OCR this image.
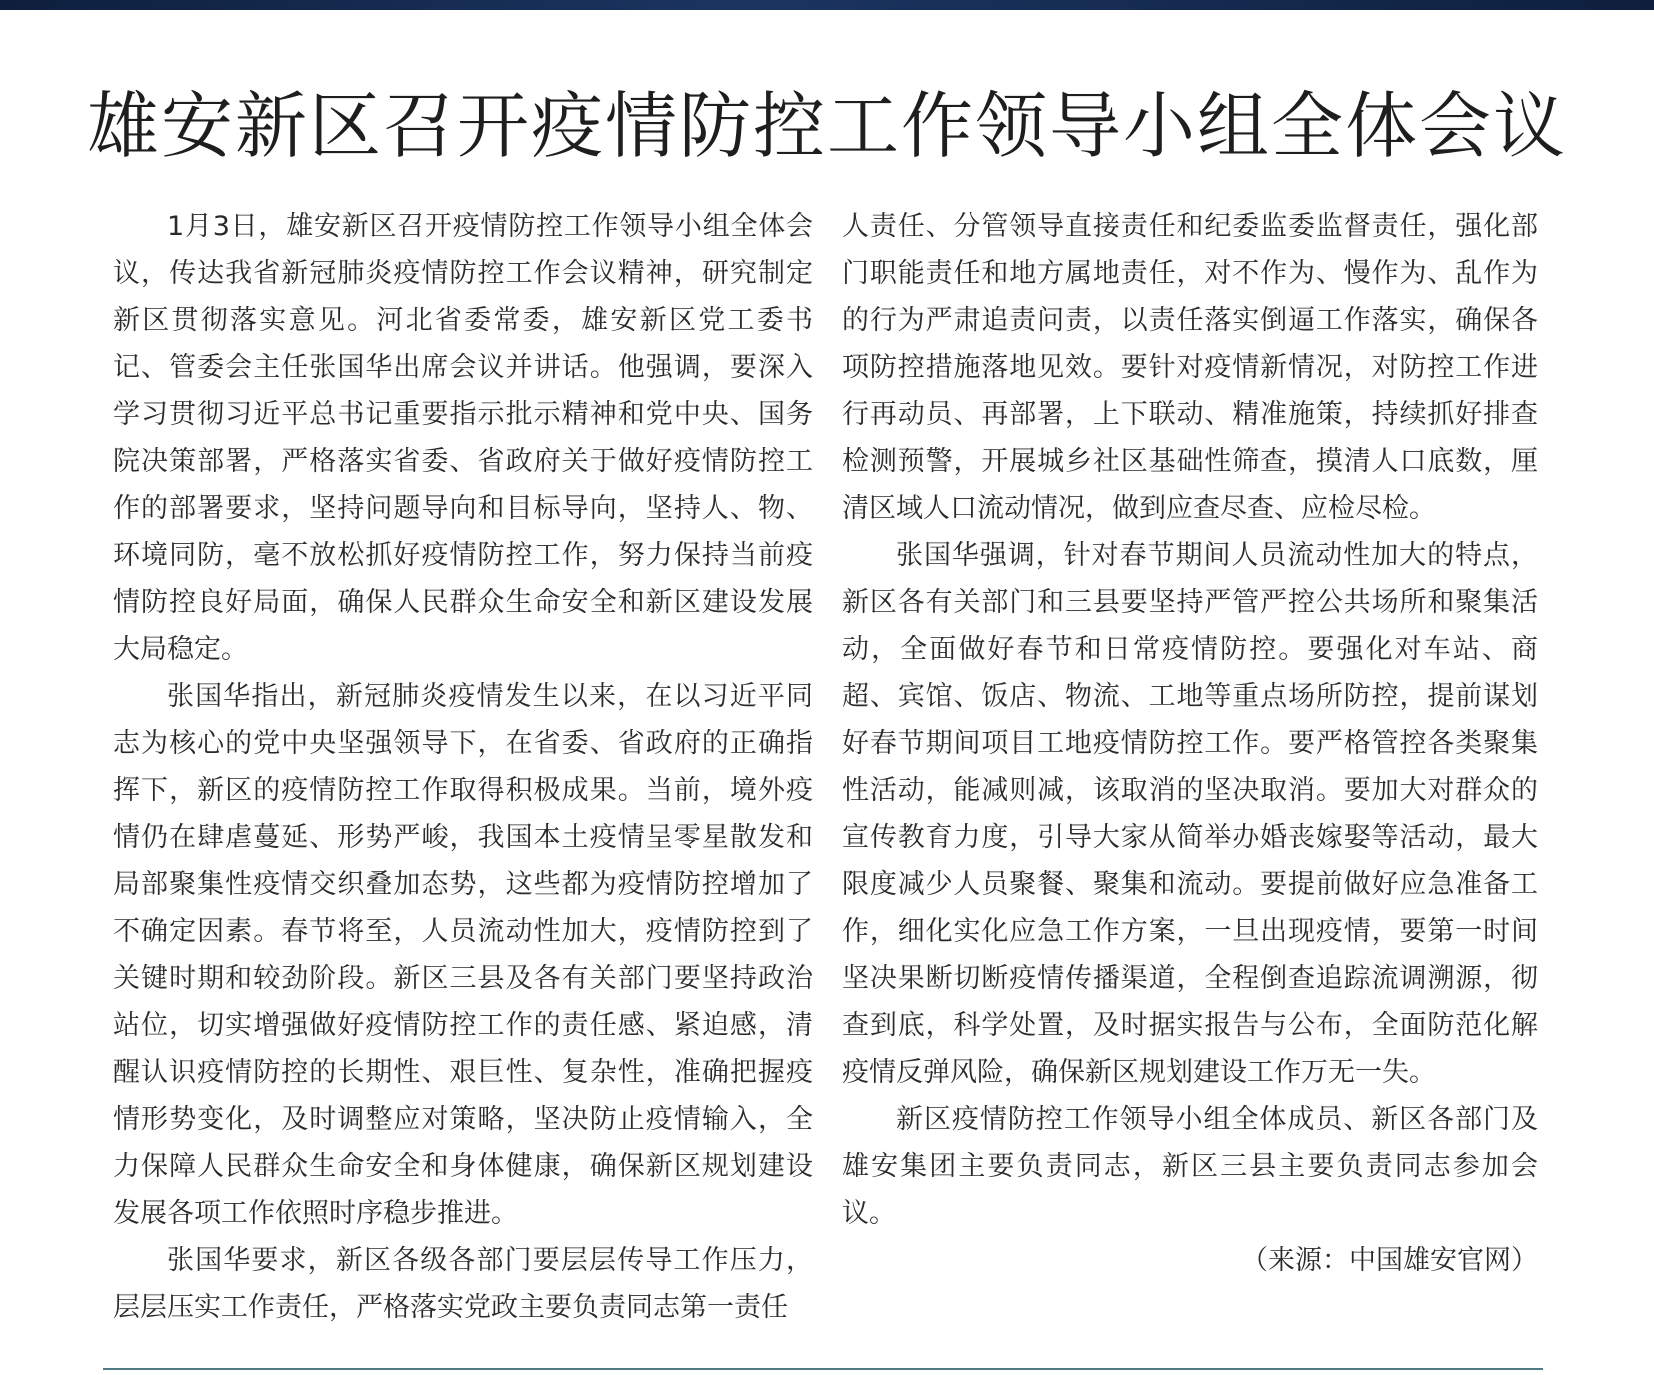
雄安新区召开疫情防控工作领导小组全体会议

1月3日，雄安新区召开疫情防控工作领导小组全体会议，传达我省新冠肺炎疫情防控工作会议精神，研究制定新区贯彻落实意见。河北省委常委，雄安新区党工委书记、管委会主任张国华出席会议并讲话。他强调，要深入学习贯彻习近平总书记重要指示批示精神和党中央、国务院决策部署，严格落实省委、省政府关于做好疫情防控工作的部署要求，坚持问题导向和目标导向，坚持人、物、环境同防，毫不放松抓好疫情防控工作，努力保持当前疫情防控良好局面，确保人民群众生命安全和新区建设发展大局稳定。

张国华指出，新冠肺炎疫情发生以来，在以习近平同志为核心的党中央坚强领导下，在省委、省政府的正确指挥下，新区的疫情防控工作取得积极成果。当前，境外疫情仍在肆虐蔓延、形势严峻，我国本土疫情呈零星散发和局部聚集性疫情交织叠加态势，这些都为疫情防控增加了不确定因素。春节将至，人员流动性加大，疫情防控到了关键时期和较劲阶段。新区三县及各有关部门要坚持政治站位，切实增强做好疫情防控工作的责任感、紧迫感，清醒认识疫情防控的长期性、艰巨性、复杂性，准确把握疫情形势变化，及时调整应对策略，坚决防止疫情输入，全力保障人民群众生命安全和身体健康，确保新区规划建设发展各项工作依照时序稳步推进。

张国华要求，新区各级各部门要层层传导工作压力，层层压实工作责任，严格落实党政主要负责同志第一责任

人责任、分管领导直接责任和纪委监委监督责任，强化部门职能责任和地方属地责任，对不作为、慢作为、乱作为的行为严肃追责问责，以责任落实倒逼工作落实，确保各项防控措施落地见效。要针对疫情新情况，对防控工作进行再动员、再部署，上下联动、精准施策，持续抓好排查检测预警，开展城乡社区基础性筛查，摸清人口底数，厘清区域人口流动情况，做到应查尽查、应检尽检。

张国华强调，针对春节期间人员流动性加大的特点，新区各有关部门和三县要坚持严管严控公共场所和聚集活动，全面做好春节和日常疫情防控。要强化对车站、商超、宾馆、饭店、物流、工地等重点场所防控，提前谋划好春节期间项目工地疫情防控工作。要严格管控各类聚集性活动，能减则减，该取消的坚决取消。要加大对群众的宣传教育力度，引导大家从简举办婚丧嫁娶等活动，最大限度减少人员聚餐、聚集和流动。要提前做好应急准备工作，细化实化应急工作方案，一旦出现疫情，要第一时间坚决果断切断疫情传播渠道，全程倒查追踪流调溯源，彻查到底，科学处置，及时据实报告与公布，全面防范化解疫情反弹风险，确保新区规划建设工作万无一失。

新区疫情防控工作领导小组全体成员、新区各部门及雄安集团主要负责同志，新区三县主要负责同志参加会议。

（来源：中国雄安官网）
